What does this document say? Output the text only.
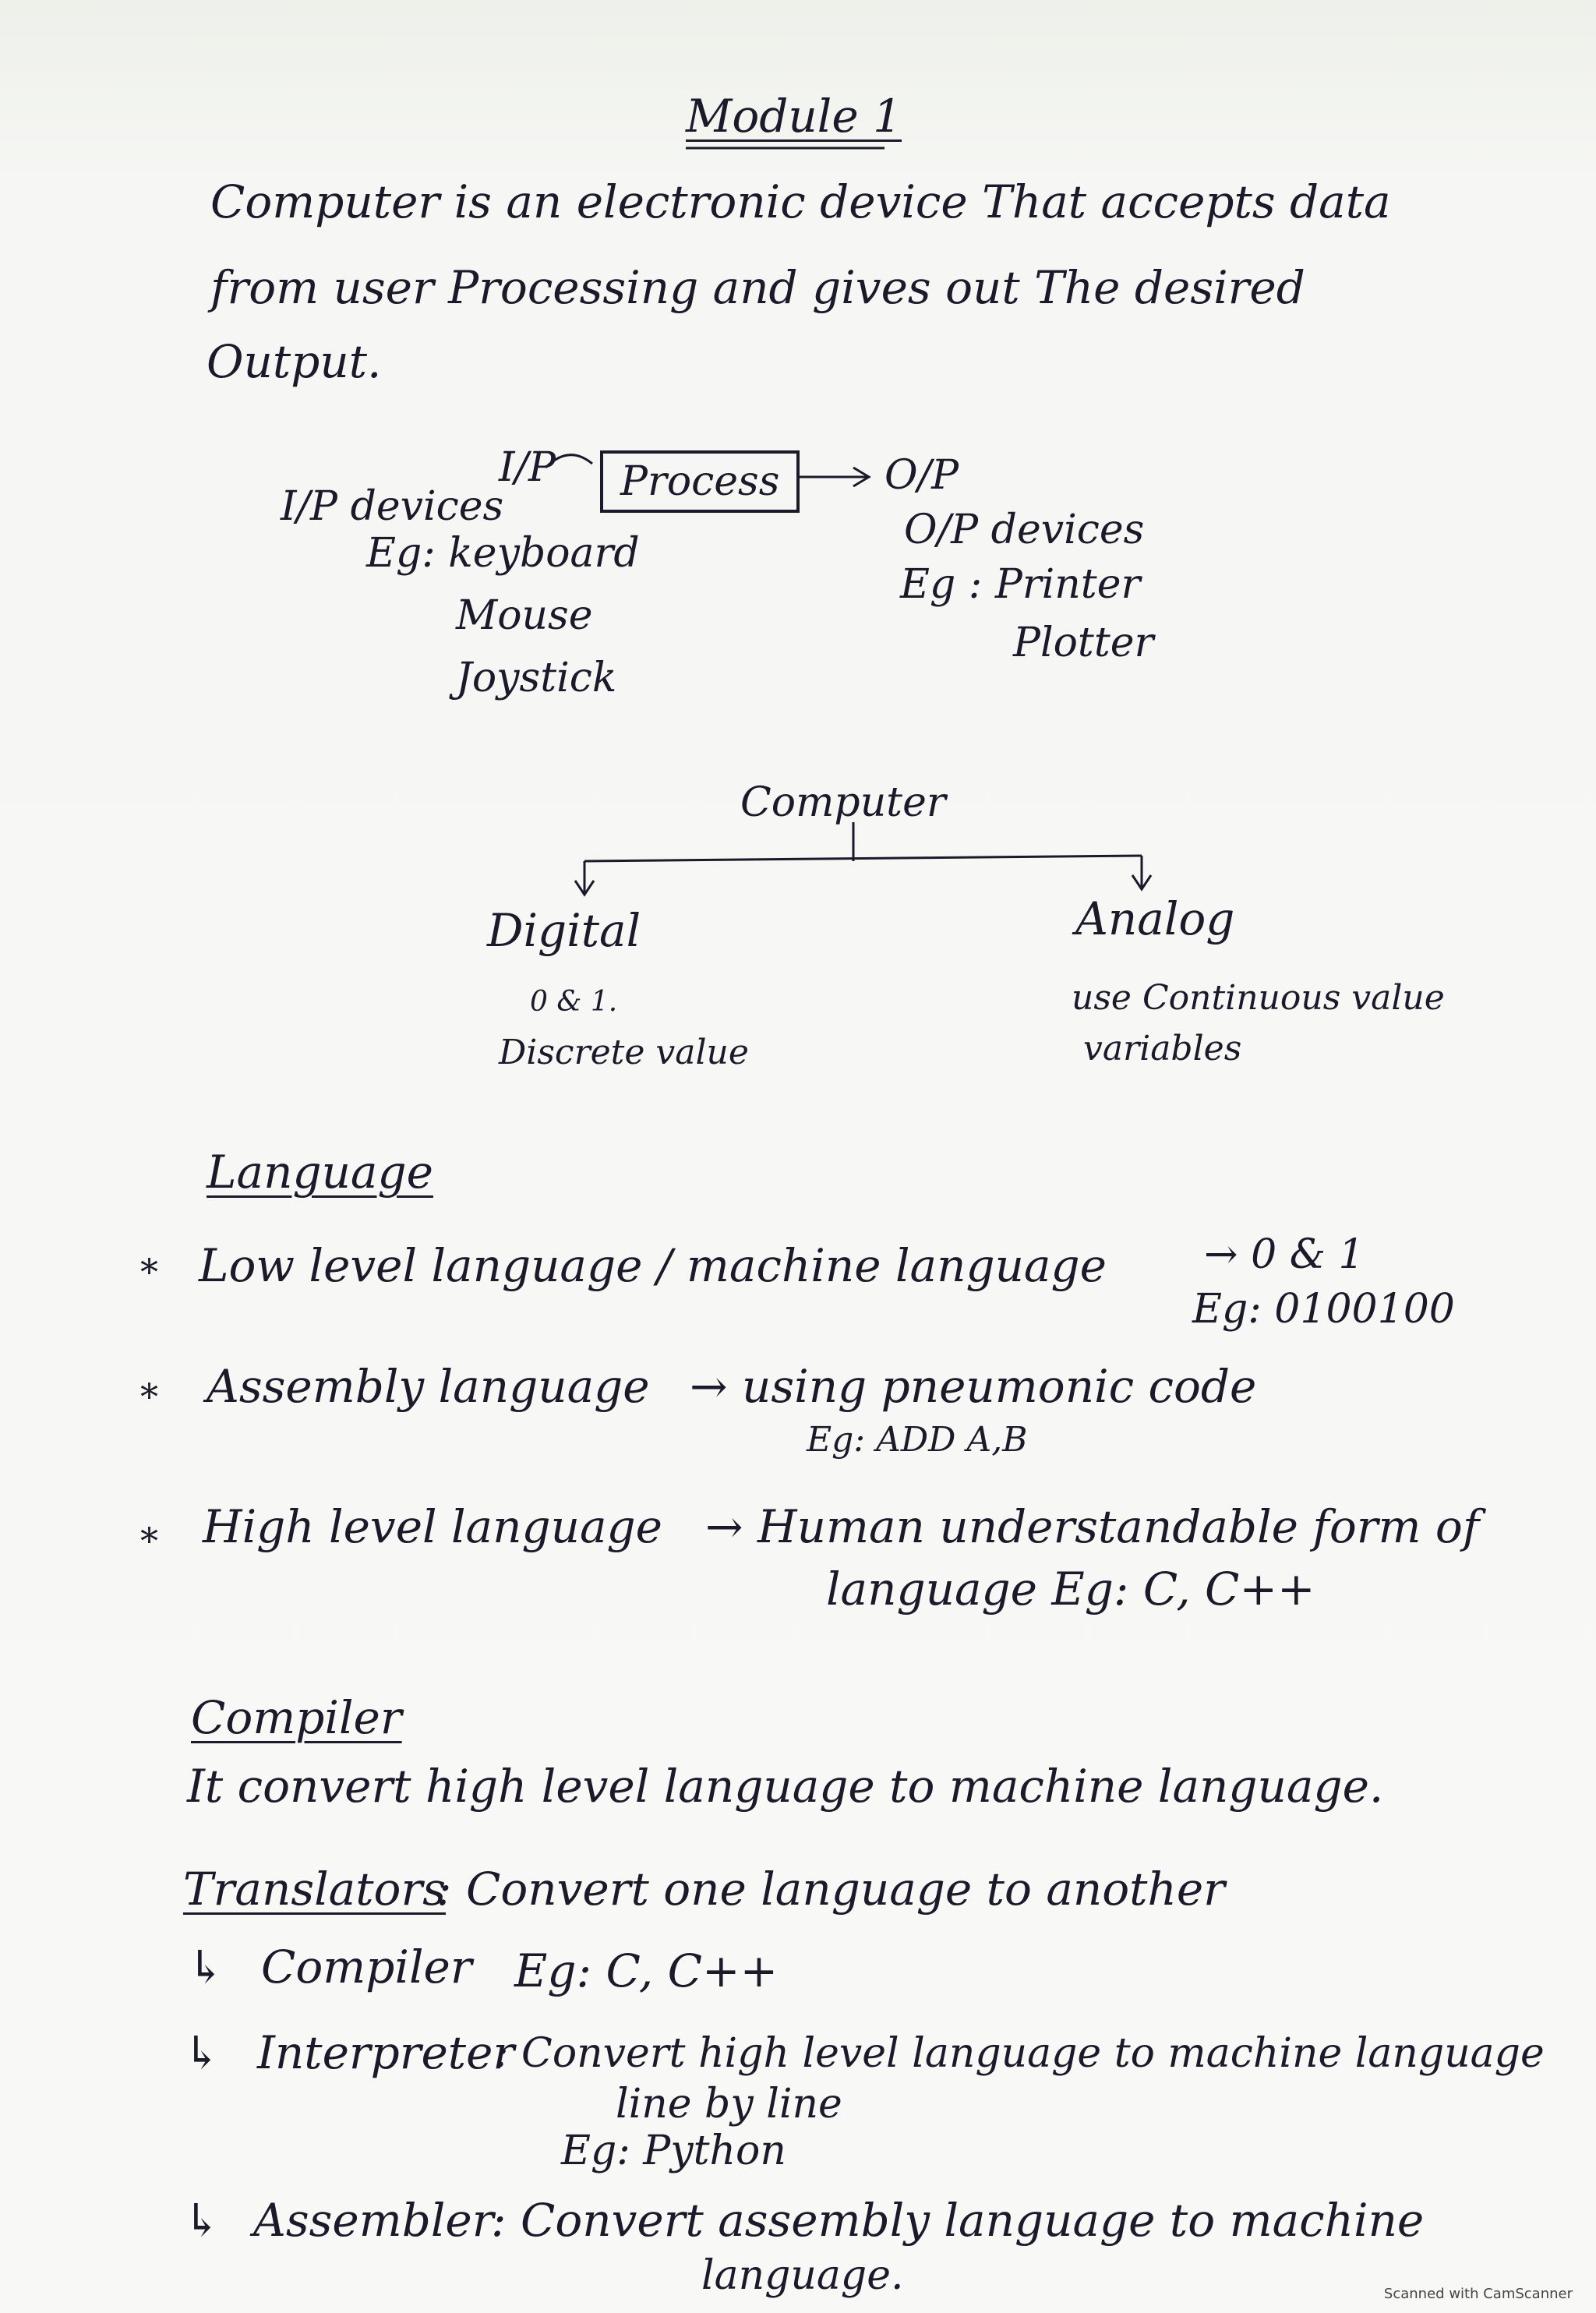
Module 1
Computer is an electronic device That accepts data
from user Processing and gives out The desired
Output.
I/P	Process	O/P
I/P devices
Eg: keyboard
Mouse
Joystick
O/P devices
Eg : Printer
Plotter
Computer
Digital
0 & 1.
Discrete value
Analog
use Continuous value
variables
Language
* Low level language / machine language → 0 & 1
Eg: 0100100
* Assembly language → using pneumonic code
Eg: ADD A,B
* High level language → Human understandable form of
language Eg: C, C++
Compiler
It convert high level language to machine language.
Translators
: Convert one language to another
↳ Compiler Eg: C, C++
↳ Interpreter
: Convert high level language to machine language
line by line
Eg: Python
↳ Assembler
: Convert assembly language to machine
language.	Scanned with CamScanner
